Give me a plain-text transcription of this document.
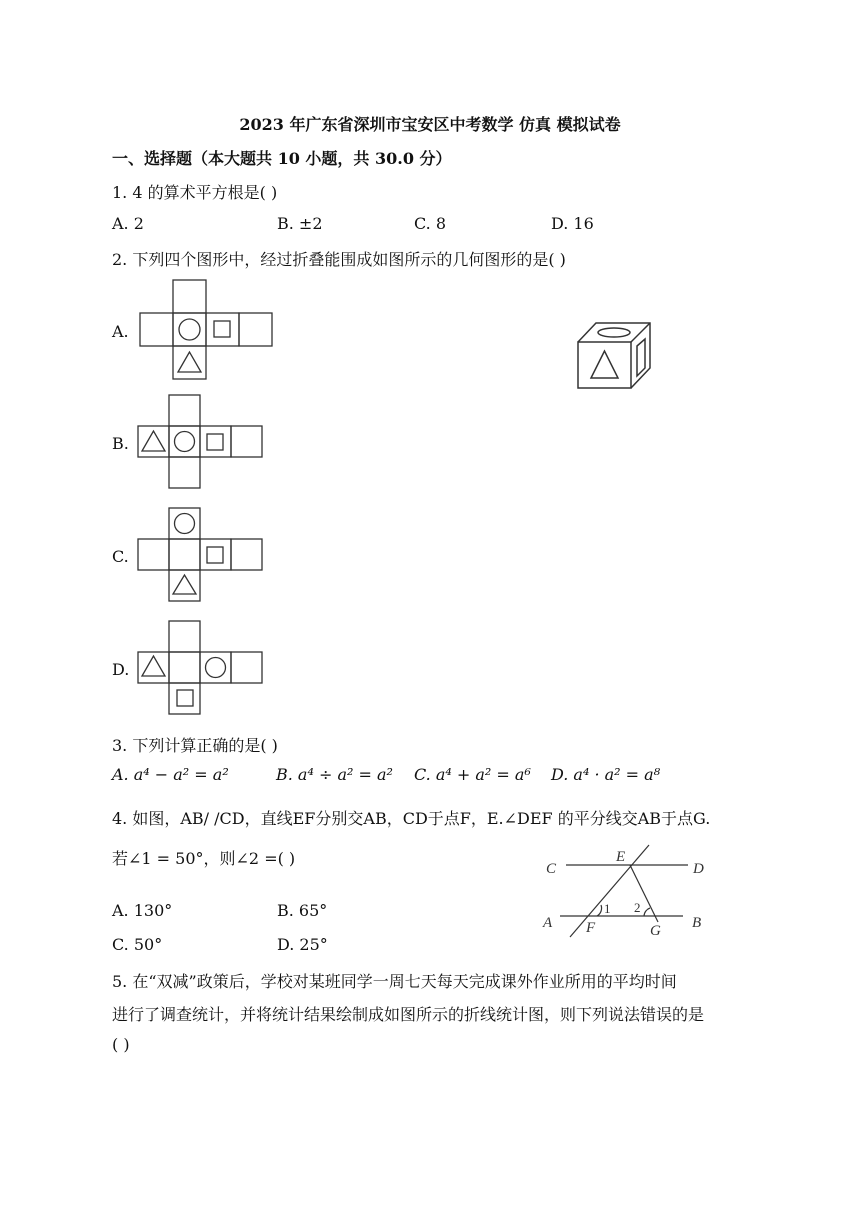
2023 年广东省深圳市宝安区中考数学 仿真 模拟试卷
一、选择题（本大题共 10 小题，共 30.0 分）
1. 4 的算术平方根是( )
A. 2	B. ±2	C. 8	D. 16
2. 下列四个图形中，经过折叠能围成如图所示的几何图形的是( )
A.
B.
C.
D.
3. 下列计算正确的是( )
A. a⁴ − a² = a²	B. a⁴ ÷ a² = a² C. a⁴ + a² = a⁶ D. a⁴ · a² = a⁸
4. 如图，AB/ /CD，直线EF分别交AB，CD于点F，E.∠DEF 的平分线交AB于点G.
若∠1 = 50°，则∠2 =( )
A. 130°	B. 65°
C. 50°	D. 25°
C
E
D
A F	G B
1 2
5. 在“双减”政策后，学校对某班同学一周七天每天完成课外作业所用的平均时间
进行了调查统计，并将统计结果绘制成如图所示的折线统计图，则下列说法错误的是
( )
